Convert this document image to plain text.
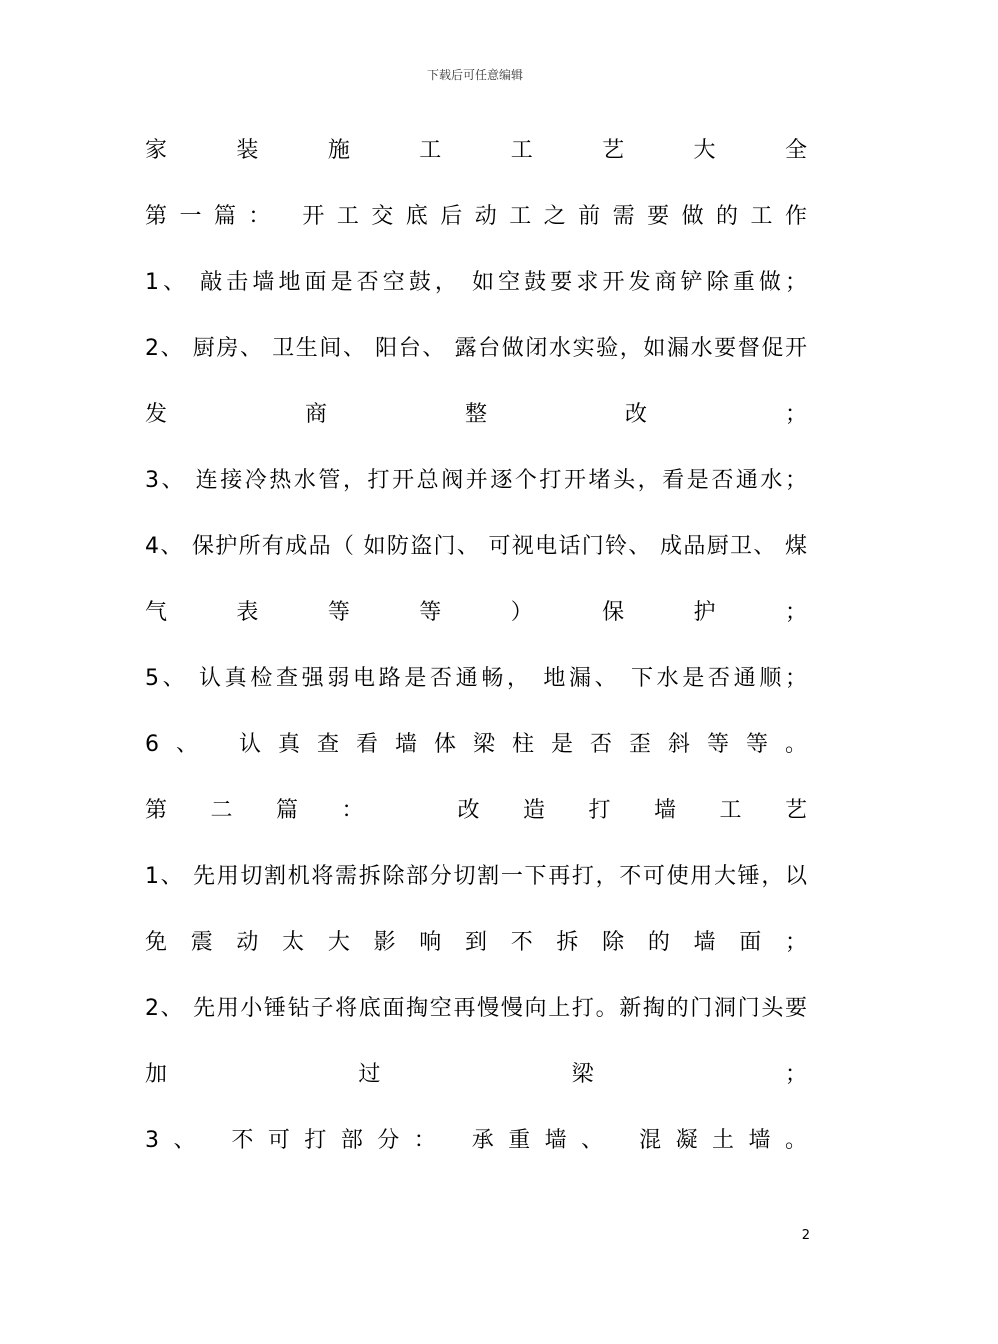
下载后可任意编辑
家装施工工艺大全
第一篇： 开工交底后动工之前需要做的工作
1、 敲击墙地面是否空鼓， 如空鼓要求开发商铲除重做；
2、 厨房、 卫生间、 阳台、 露台做闭水实验，如漏水要督促开
发商整改；
3、 连接冷热水管，打开总阀并逐个打开堵头，看是否通水；
4、 保护所有成品（ 如防盗门、 可视电话门铃、 成品厨卫、 煤
气表等等）保护；
5、 认真检查强弱电路是否通畅， 地漏、 下水是否通顺；
6、 认真查看墙体梁柱是否歪斜等等。
第二篇： 改造打墙工艺
1、 先用切割机将需拆除部分切割一下再打，不可使用大锤，以
免震动太大影响到不拆除的墙面；
2、 先用小锤钻子将底面掏空再慢慢向上打。新掏的门洞门头要
加过梁；
3、 不可打部分： 承重墙、 混凝土墙。
2
